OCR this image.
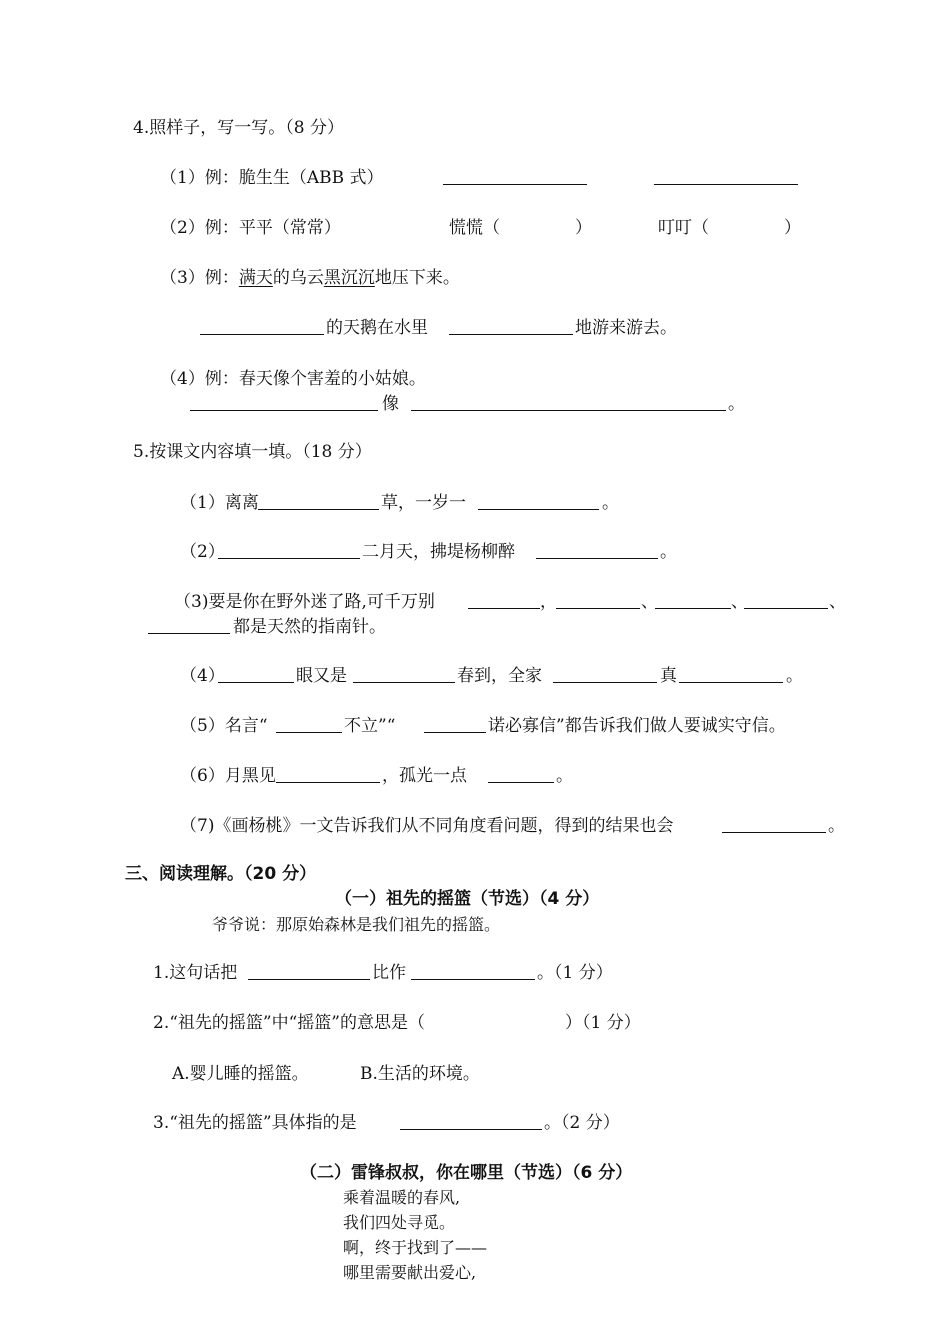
4.照样子，写一写。（8 分）
（1）例：脆生生（ABB 式）
（2）例：平平（常常）	慌慌（	）	叮叮（	）
（3）例：满天的乌云黑沉沉地压下来。
的天鹅在水里	地游来游去。
（4）例：春天像个害羞的小姑娘。
像	。
5.按课文内容填一填。（18 分）
（1）离离	草，一岁一	。
（2）	二月天，拂堤杨柳醉	。
（3)要是你在野外迷了路,可千万别	，	、	、	、
都是天然的指南针。
（4）	眼又是	春到，全家	真	。
（5）名言“	不立”“	诺必寡信”都告诉我们做人要诚实守信。
（6）月黑见	，孤光一点	。
（7)《画杨桃》一文告诉我们从不同角度看问题，得到的结果也会	。
三、阅读理解。（20 分）
（一）祖先的摇篮（节选）（4 分）
爷爷说：那原始森林是我们祖先的摇篮。
1.这句话把	比作	。（1 分）
2.“祖先的摇篮”中“摇篮”的意思是（	）（1 分）
A.婴儿睡的摇篮。	B.生活的环境。
3.“祖先的摇篮”具体指的是	。（2 分）
（二）雷锋叔叔，你在哪里（节选）（6 分）
乘着温暖的春风,
我们四处寻觅。
啊，终于找到了——
哪里需要献出爱心,
